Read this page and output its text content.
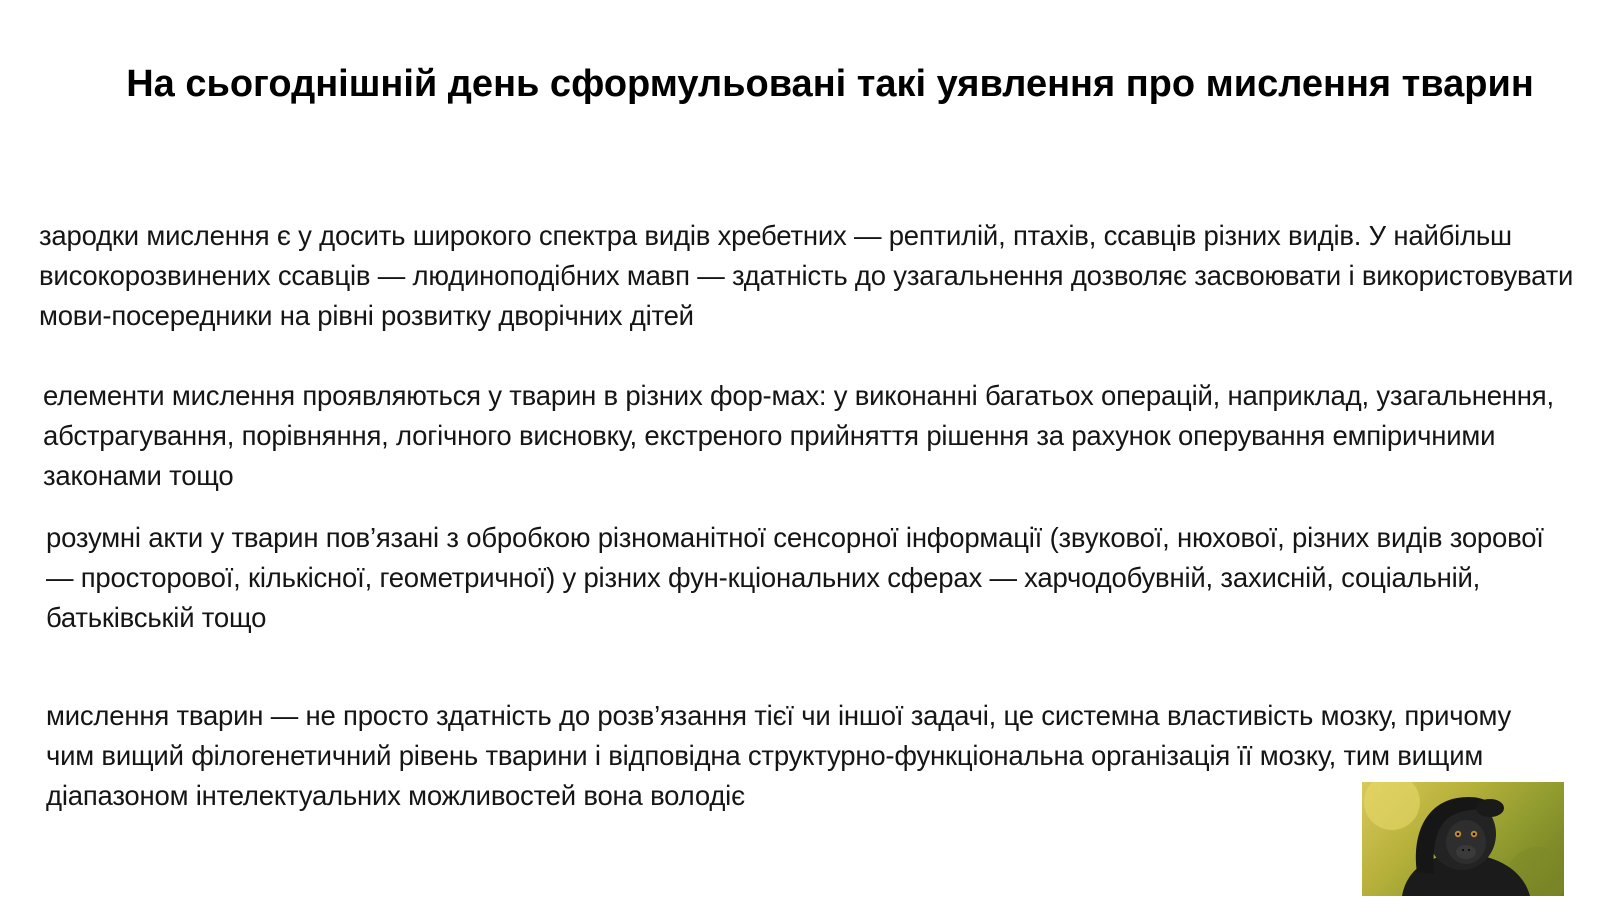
На сьогоднішній день сформульовані такі уявлення про мислення тварин

зародки мислення є у досить широкого спектра видів хребетних — рептилій, птахів, ссавців різних видів. У найбільш високорозвинених ссавців — людиноподібних мавп — здатність до узагальнення дозволяє засвоювати і використовувати мови-посередники на рівні розвитку дворічних дітей

елементи мислення проявляються у тварин в різних фор-мах: у виконанні багатьох операцій, наприклад, узагальнення, абстрагування, порівняння, логічного висновку, екстреного прийняття рішення за рахунок оперування емпіричними законами тощо

розумні акти у тварин пов’язані з обробкою різноманітної сенсорної інформації (звукової, нюхової, різних видів зорової — просторової, кількісної, геометричної) у різних фун-кціональних сферах — харчодобувній, захисній, соціальній, батьківській тощо

мислення тварин — не просто здатність до розв’язання тієї чи іншої задачі, це системна властивість мозку, причому чим вищий філогенетичний рівень тварини і відповідна структурно-функціональна організація її мозку, тим вищим діапазоном інтелектуальних можливостей вона володіє
